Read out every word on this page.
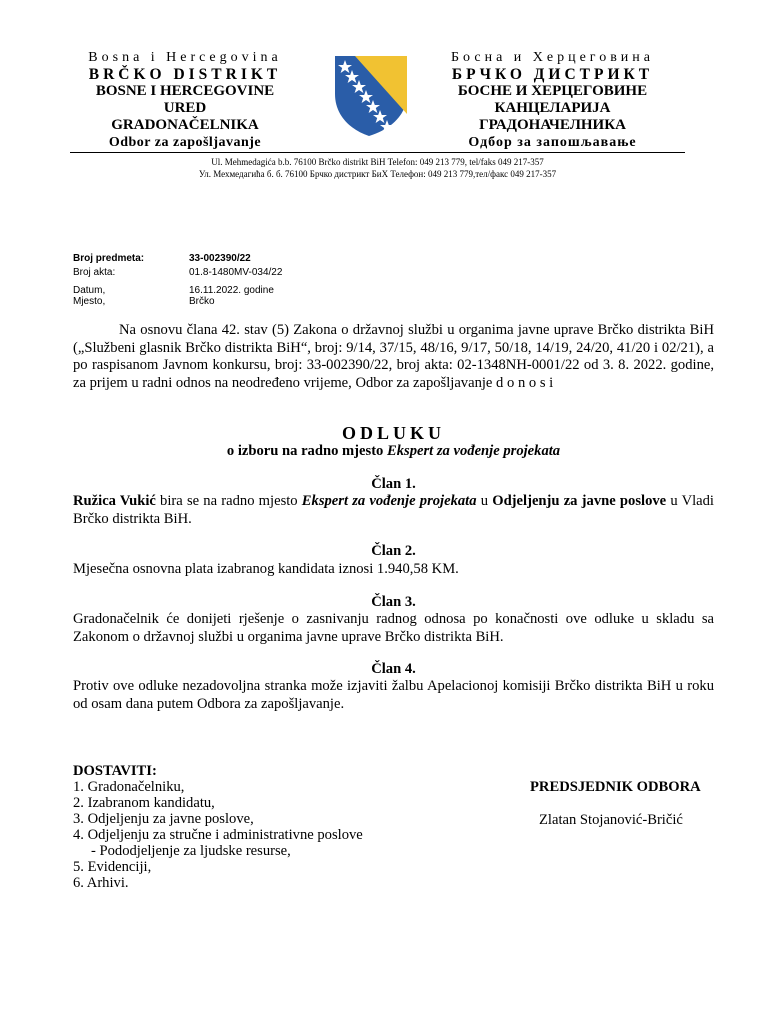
Bosna i Hercegovina
BRČKO DISTRIKT
BOSNE I HERCEGOVINE
URED
GRADONAČELNIKA
Odbor za zapošljavanje
Босна и Херцеговина
БРЧКО ДИСТРИКТ
БОСНЕ И ХЕРЦЕГОВИНЕ
КАНЦЕЛАРИЈА
ГРАДОНАЧЕЛНИКА
Одбор за запошљавање
Ul. Mehmedagića b.b. 76100 Brčko distrikt BiH Telefon: 049 213 779, tel/faks 049 217-357
Ул. Мехмедагића б. б. 76100 Брчко дистрикт БиХ Телефон: 049 213 779,тел/факс 049 217-357
Broj predmeta:	33-002390/22
Broj akta:	01.8-1480MV-034/22
Datum,	16.11.2022. godine
Mjesto,	Brčko
Na osnovu člana 42. stav (5) Zakona o državnoj službi u organima javne uprave Brčko distrikta BiH („Službeni glasnik Brčko distrikta BiH“, broj: 9/14, 37/15, 48/16, 9/17, 50/18, 14/19, 24/20, 41/20 i 02/21), a po raspisanom Javnom konkursu, broj: 33-002390/22, broj akta: 02-1348NH-0001/22 od 3. 8. 2022. godine, za prijem u radni odnos na neodređeno vrijeme, Odbor za zapošljavanje d o n o s i
ODLUKU
o izboru na radno mjesto Ekspert za vođenje projekata
Član 1.
Ružica Vukić bira se na radno mjesto Ekspert za vođenje projekata u Odjeljenju za javne poslove u Vladi Brčko distrikta BiH.
Član 2.
Mjesečna osnovna plata izabranog kandidata iznosi 1.940,58 KM.
Član 3.
Gradonačelnik će donijeti rješenje o zasnivanju radnog odnosa po konačnosti ove odluke u skladu sa Zakonom o državnoj službi u organima javne uprave Brčko distrikta BiH.
Član 4.
Protiv ove odluke nezadovoljna stranka može izjaviti žalbu Apelacionoj komisiji Brčko distrikta BiH u roku od osam dana putem Odbora za zapošljavanje.
DOSTAVITI:
1. Gradonačelniku,
2. Izabranom kandidatu,
3. Odjeljenju za javne poslove,
4. Odjeljenju za stručne i administrativne poslove
- Pododjeljenje za ljudske resurse,
5. Evidenciji,
6. Arhivi.
PREDSJEDNIK ODBORA
Zlatan Stojanović-Bričić
